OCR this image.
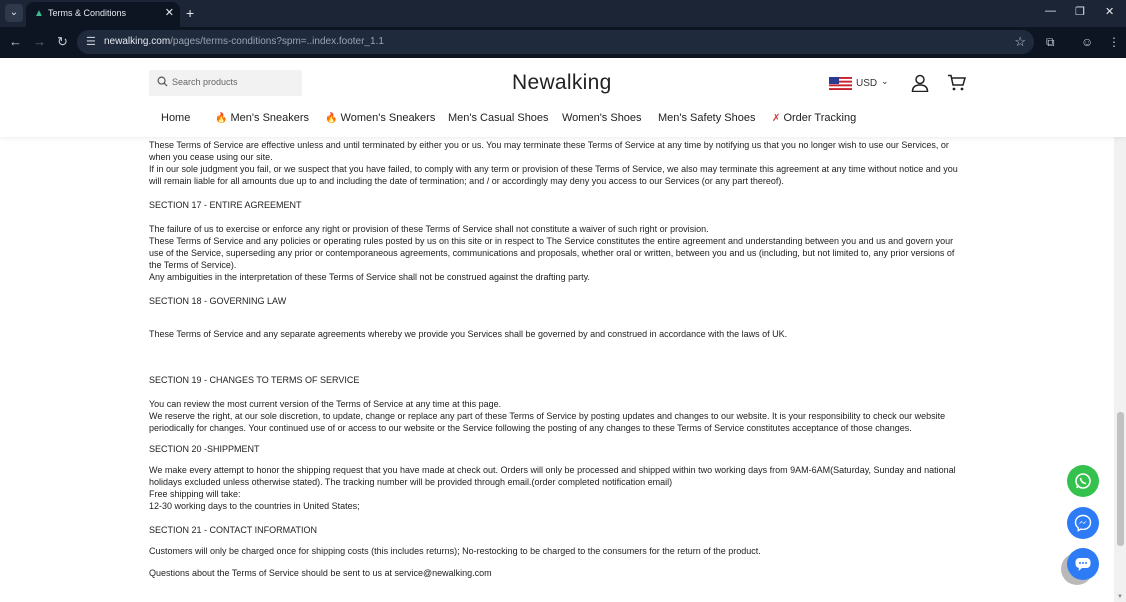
⌄	▲ Terms & Conditions	✕ +	— ❐ ✕
← → ↻ ☰ newalking.com/pages/terms-conditions?spm=..index.footer_1.1	☆ ⧉ ☺ ⋮
Search products	Newalking	USD ⌄
Home 🔥 Men's Sneakers 🔥 Women's Sneakers Men's Casual Shoes Women's Shoes Men's Safety Shoes ✗ Order Tracking

These Terms of Service are effective unless and until terminated by either you or us. You may terminate these Terms of Service at any time by notifying us that you no longer wish to use our Services, or when you cease using our site.

If in our sole judgment you fail, or we suspect that you have failed, to comply with any term or provision of these Terms of Service, we also may terminate this agreement at any time without notice and you will remain liable for all amounts due up to and including the date of termination; and / or accordingly may deny you access to our Services (or any part thereof).

SECTION 17 - ENTIRE AGREEMENT

The failure of us to exercise or enforce any right or provision of these Terms of Service shall not constitute a waiver of such right or provision.

These Terms of Service and any policies or operating rules posted by us on this site or in respect to The Service constitutes the entire agreement and understanding between you and us and govern your use of the Service, superseding any prior or contemporaneous agreements, communications and proposals, whether oral or written, between you and us (including, but not limited to, any prior versions of the Terms of Service).

Any ambiguities in the interpretation of these Terms of Service shall not be construed against the drafting party.

SECTION 18 - GOVERNING LAW

These Terms of Service and any separate agreements whereby we provide you Services shall be governed by and construed in accordance with the laws of UK.

SECTION 19 - CHANGES TO TERMS OF SERVICE

You can review the most current version of the Terms of Service at any time at this page.

We reserve the right, at our sole discretion, to update, change or replace any part of these Terms of Service by posting updates and changes to our website. It is your responsibility to check our website periodically for changes. Your continued use of or access to our website or the Service following the posting of any changes to these Terms of Service constitutes acceptance of those changes.

SECTION 20 -SHIPPMENT

We make every attempt to honor the shipping request that you have made at check out. Orders will only be processed and shipped within two working days from 9AM-6AM(Saturday, Sunday and national holidays excluded unless otherwise stated). The tracking number will be provided through email.(order completed notification email)

Free shipping will take:

12-30 working days to the countries in United States;

SECTION 21 - CONTACT INFORMATION

Customers will only be charged once for shipping costs (this includes returns); No-restocking to be charged to the consumers for the return of the product.

Questions about the Terms of Service should be sent to us at service@newalking.com

▼
